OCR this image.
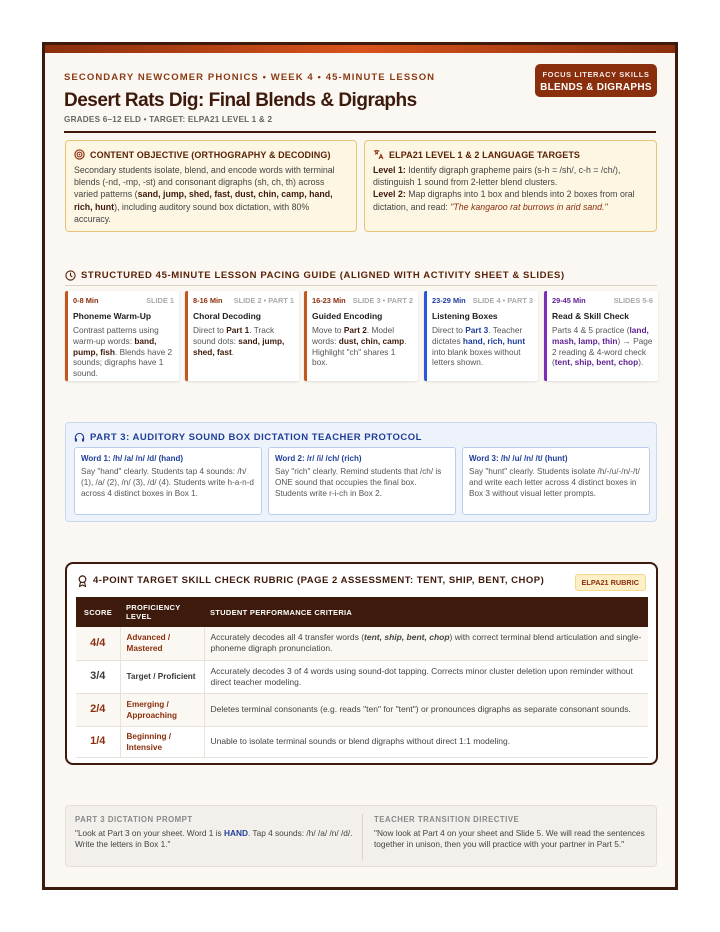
SECONDARY NEWCOMER PHONICS • WEEK 4 • 45-MINUTE LESSON
Desert Rats Dig: Final Blends & Digraphs
GRADES 6–12 ELD • TARGET: ELPA21 LEVEL 1 & 2
FOCUS LITERACY SKILLS
BLENDS & DIGRAPHS
CONTENT OBJECTIVE (ORTHOGRAPHY & DECODING)

Secondary students isolate, blend, and encode words with terminal blends (-nd, -mp, -st) and consonant digraphs (sh, ch, th) across varied patterns (sand, jump, shed, fast, dust, chin, camp, hand, rich, hunt), including auditory sound box dictation, with 80% accuracy.

ELPA21 LEVEL 1 & 2 LANGUAGE TARGETS

Level 1: Identify digraph grapheme pairs (s-h = /sh/, c-h = /ch/), distinguish 1 sound from 2-letter blend clusters.

Level 2: Map digraphs into 1 box and blends into 2 boxes from oral dictation, and read: "The kangaroo rat burrows in arid sand."

STRUCTURED 45-MINUTE LESSON PACING GUIDE (ALIGNED WITH ACTIVITY SHEET & SLIDES)
0-8 Min	SLIDE 1
Phoneme Warm-Up
Contrast patterns using warm-up words: band, pump, fish. Blends have 2 sounds; digraphs have 1 sound.
8-16 Min SLIDE 2 • PART 1
Choral Decoding
Direct to Part 1. Track sound dots: sand, jump, shed, fast.
16-23 Min SLIDE 3 • PART 2
Guided Encoding
Move to Part 2. Model words: dust, chin, camp. Highlight "ch" shares 1 box.
23-29 Min SLIDE 4 • PART 3
Listening Boxes
Direct to Part 3. Teacher dictates hand, rich, hunt into blank boxes without letters shown.
29-45 Min	SLIDES 5-6
Read & Skill Check
Parts 4 & 5 practice (land, mash, lamp, thin) → Page 2 reading & 4-word check (tent, ship, bent, chop).
PART 3: AUDITORY SOUND BOX DICTATION TEACHER PROTOCOL
Word 1: /h/ /a/ /n/ /d/ (hand)
Say "hand" clearly. Students tap 4 sounds: /h/ (1), /a/ (2), /n/ (3), /d/ (4). Students write h-a-n-d across 4 distinct boxes in Box 1.
Word 2: /r/ /i/ /ch/ (rich)
Say "rich" clearly. Remind students that /ch/ is ONE sound that occupies the final box. Students write r-i-ch in Box 2.
Word 3: /h/ /u/ /n/ /t/ (hunt)
Say "hunt" clearly. Students isolate /h/-/u/-/n/-/t/ and write each letter across 4 distinct boxes in Box 3 without visual letter prompts.
4-POINT TARGET SKILL CHECK RUBRIC (PAGE 2 ASSESSMENT: TENT, SHIP, BENT, CHOP)	ELPA21 RUBRIC
SCORE	PROFICIENCY LEVEL	STUDENT PERFORMANCE CRITERIA
4/4	Advanced / Mastered	Accurately decodes all 4 transfer words (tent, ship, bent, chop) with correct terminal blend articulation and single-phoneme digraph pronunciation.
3/4	Target / Proficient	Accurately decodes 3 of 4 words using sound-dot tapping. Corrects minor cluster deletion upon reminder without direct teacher modeling.
2/4	Emerging / Approaching	Deletes terminal consonants (e.g. reads "ten" for "tent") or pronounces digraphs as separate consonant sounds.
1/4	Beginning / Intensive	Unable to isolate terminal sounds or blend digraphs without direct 1:1 modeling.
PART 3 DICTATION PROMPT
"Look at Part 3 on your sheet. Word 1 is HAND. Tap 4 sounds: /h/ /a/ /n/ /d/. Write the letters in Box 1."
TEACHER TRANSITION DIRECTIVE
"Now look at Part 4 on your sheet and Slide 5. We will read the sentences together in unison, then you will practice with your partner in Part 5."
